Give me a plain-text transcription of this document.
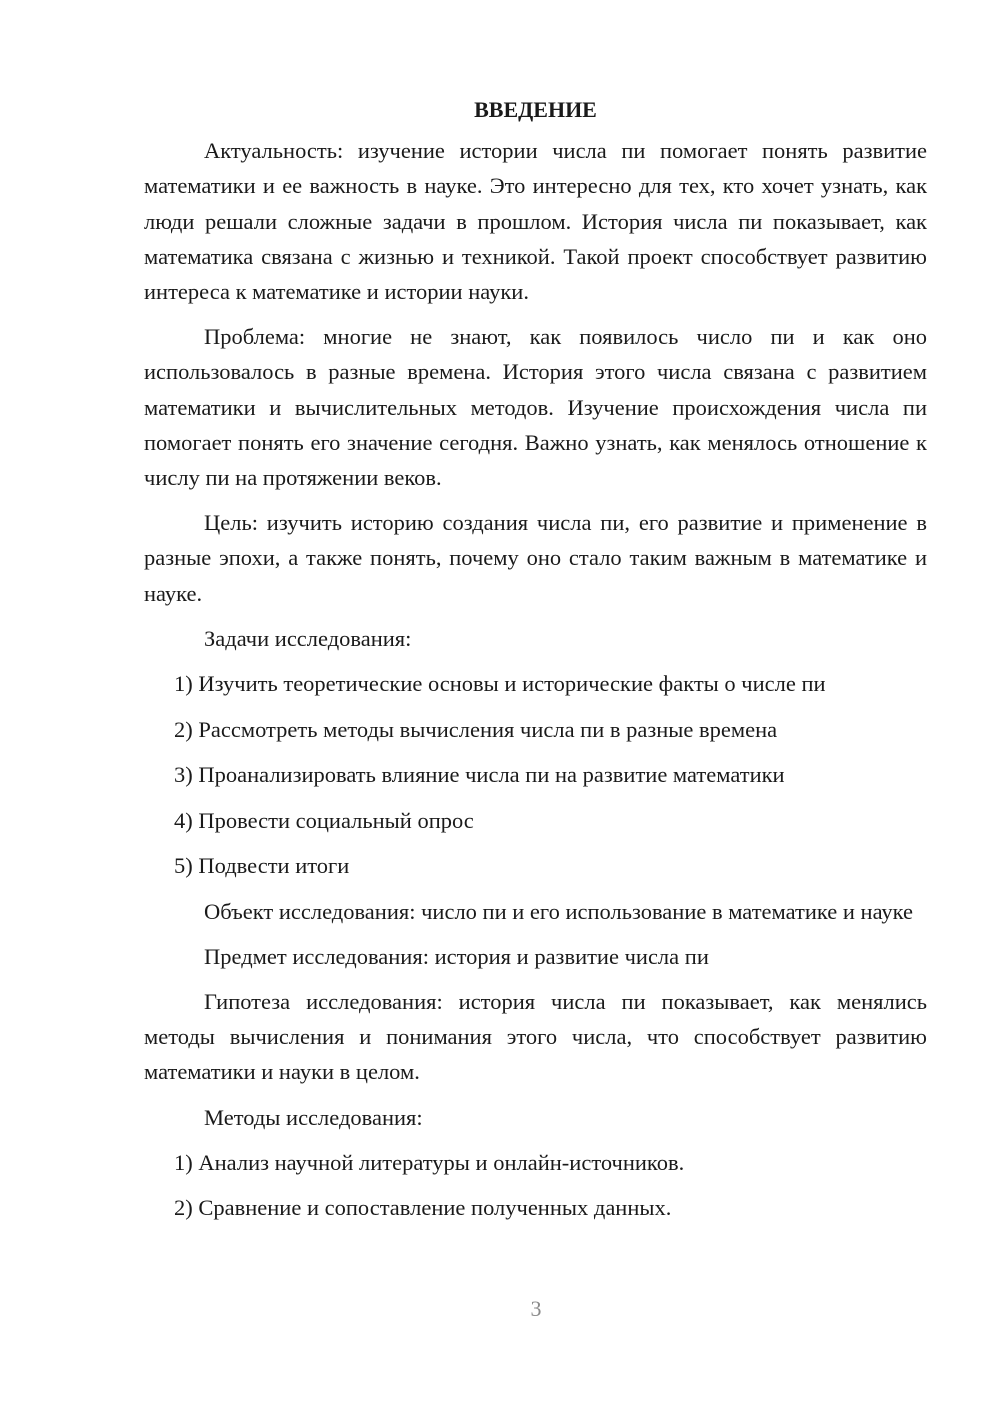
ВВЕДЕНИЕ

Актуальность: изучение истории числа пи помогает понять развитие математики и ее важность в науке. Это интересно для тех, кто хочет узнать, как люди решали сложные задачи в прошлом. История числа пи показывает, как математика связана с жизнью и техникой. Такой проект способствует развитию интереса к математике и истории науки.

Проблема: многие не знают, как появилось число пи и как оно использовалось в разные времена. История этого числа связана с развитием математики и вычислительных методов. Изучение происхождения числа пи помогает понять его значение сегодня. Важно узнать, как менялось отношение к числу пи на протяжении веков.

Цель: изучить историю создания числа пи, его развитие и применение в разные эпохи, а также понять, почему оно стало таким важным в математике и науке.

Задачи исследования:

1) Изучить теоретические основы и исторические факты о числе пи
2) Рассмотреть методы вычисления числа пи в разные времена
3) Проанализировать влияние числа пи на развитие математики
4) Провести социальный опрос
5) Подвести итоги

Объект исследования: число пи и его использование в математике и науке

Предмет исследования: история и развитие числа пи

Гипотеза исследования: история числа пи показывает, как менялись методы вычисления и понимания этого числа, что способствует развитию математики и науки в целом.

Методы исследования:

1) Анализ научной литературы и онлайн-источников.
2) Сравнение и сопоставление полученных данных.
3
